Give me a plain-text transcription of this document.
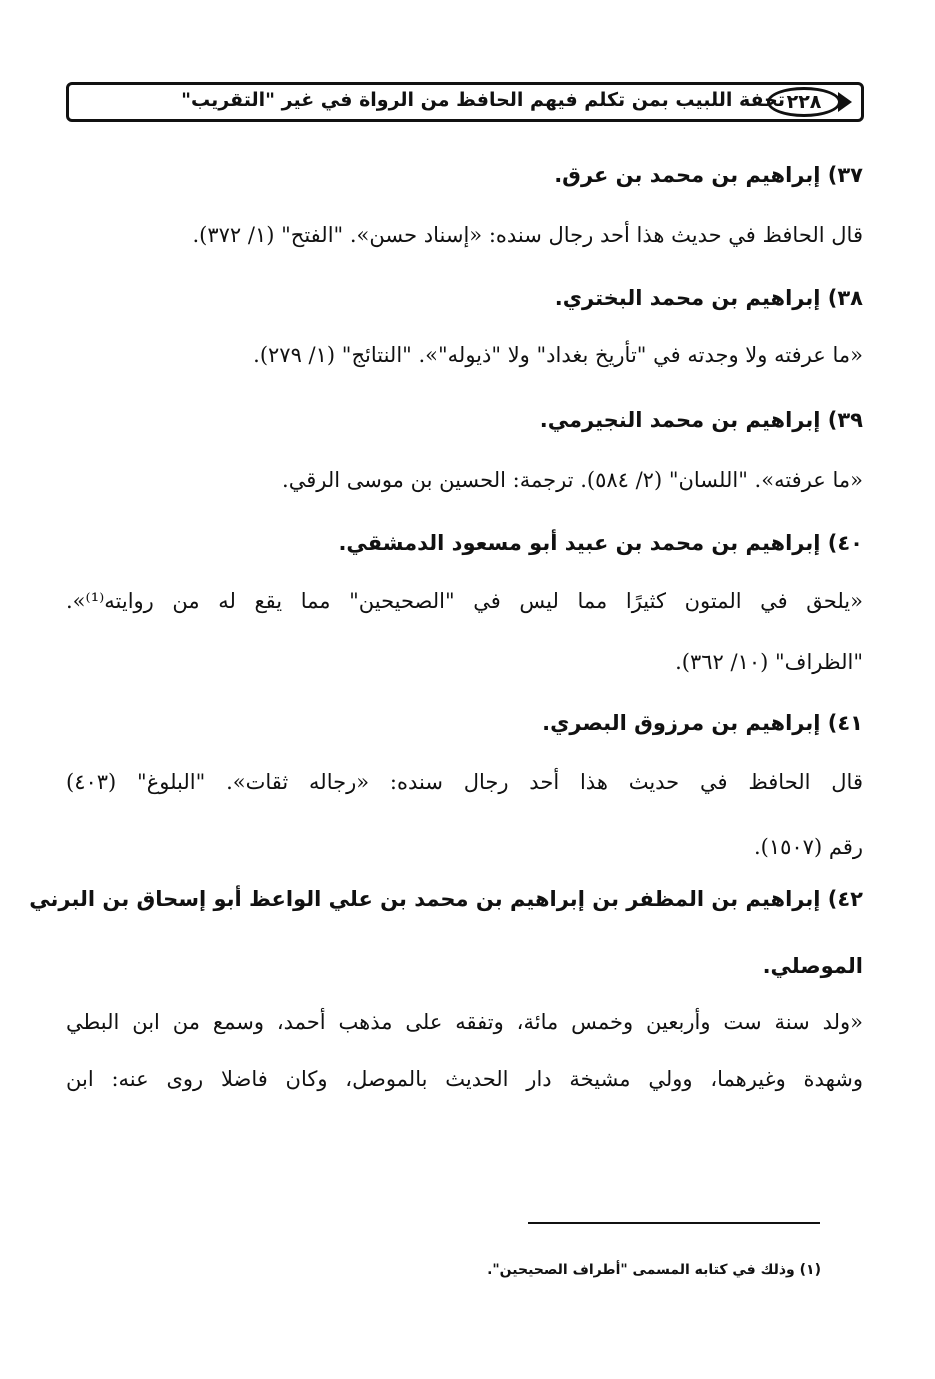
٢٢٨
تحفة اللبيب بمن تكلم فيهم الحافظ من الرواة في غير "التقريب"
٣٧) إبراهيم بن محمد بن عرق.
قال الحافظ في حديث هذا أحد رجال سنده: «إسناد حسن». "الفتح" (١/ ٣٧٢).
٣٨) إبراهيم بن محمد البختري.
«ما عرفته ولا وجدته في "تأريخ بغداد" ولا "ذيوله"». "النتائج" (١/ ٢٧٩).
٣٩) إبراهيم بن محمد النجيرمي.
«ما عرفته». "اللسان" (٢/ ٥٨٤). ترجمة: الحسين بن موسى الرقي.
٤٠) إبراهيم بن محمد بن عبيد أبو مسعود الدمشقي.
«يلحق في المتون كثيرًا مما ليس في "الصحيحين" مما يقع له من روايته⁽¹⁾».
"الظراف" (١٠/ ٣٦٢).
٤١) إبراهيم بن مرزوق البصري.
قال الحافظ في حديث هذا أحد رجال سنده: «رجاله ثقات». "البلوغ" (٤٠٣)
رقم (١٥٠٧).
٤٢) إبراهيم بن المظفر بن إبراهيم بن محمد بن علي الواعظ أبو إسحاق بن البرني
الموصلي.
«ولد سنة ست وأربعين وخمس مائة، وتفقه على مذهب أحمد، وسمع من ابن البطي
وشهدة وغيرهما، وولي مشيخة دار الحديث بالموصل، وكان فاضلا روى عنه: ابن
(١) وذلك في كتابه المسمى "أطراف الصحيحين".
